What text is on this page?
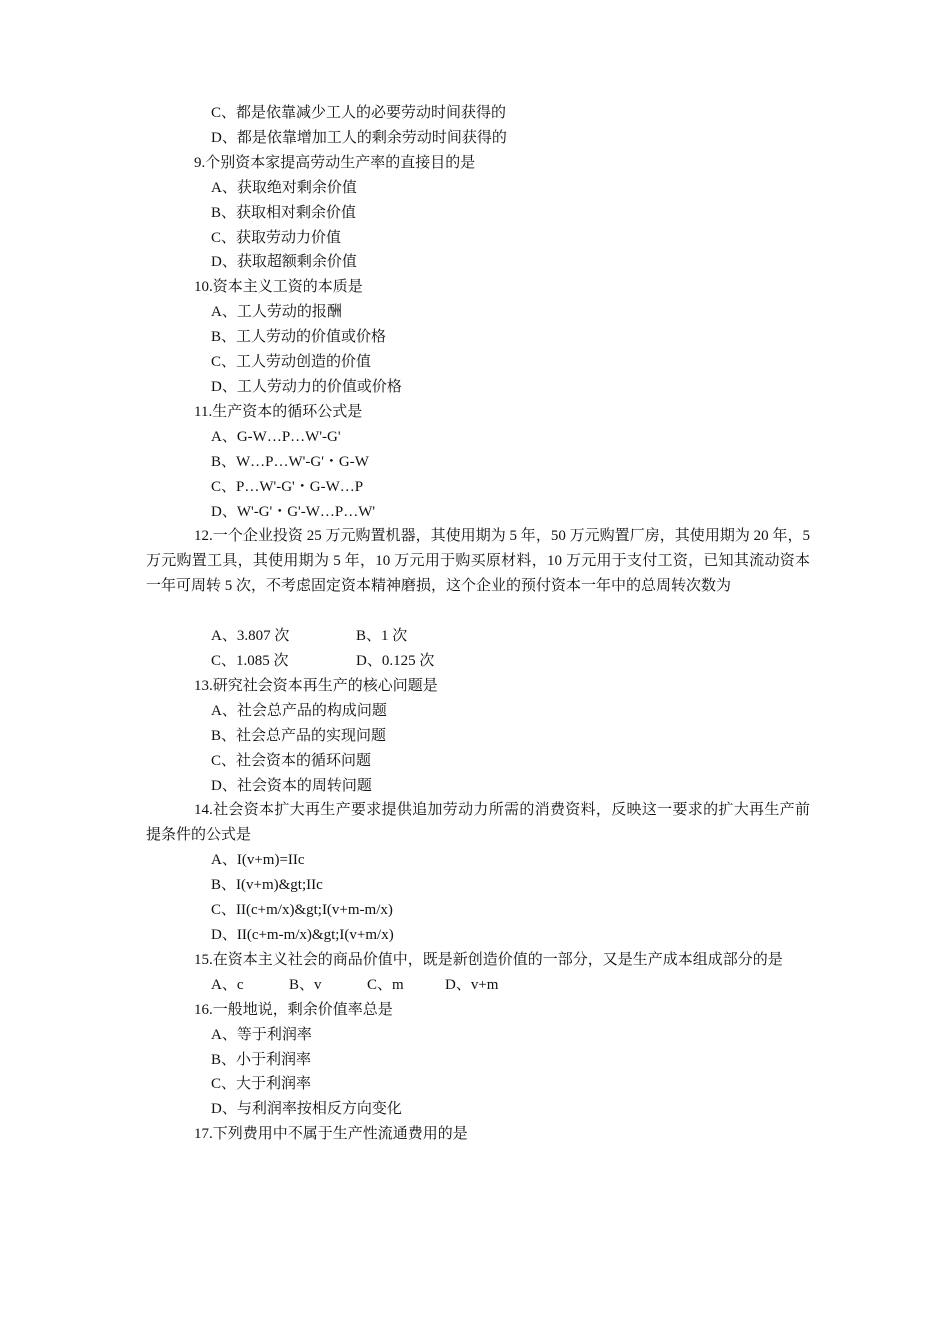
C、都是依靠减少工人的必要劳动时间获得的
D、都是依靠增加工人的剩余劳动时间获得的
9.个别资本家提高劳动生产率的直接目的是
A、获取绝对剩余价值
B、获取相对剩余价值
C、获取劳动力价值
D、获取超额剩余价值
10.资本主义工资的本质是
A、工人劳动的报酬
B、工人劳动的价值或价格
C、工人劳动创造的价值
D、工人劳动力的价值或价格
11.生产资本的循环公式是
A、G-W…P…W'-G'
B、W…P…W'-G'・G-W
C、P…W'-G'・G-W…P
D、W'-G'・G'-W…P…W'
12.一个企业投资 25 万元购置机器，其使用期为 5 年，50 万元购置厂房，其使用期为 20 年，5 万元购置工具，其使用期为 5 年，10 万元用于购买原材料，10 万元用于支付工资，已知其流动资本一年可周转 5 次，不考虑固定资本精神磨损，这个企业的预付资本一年中的总周转次数为
A、3.807 次	B、1 次
C、1.085 次	D、0.125 次
13.研究社会资本再生产的核心问题是
A、社会总产品的构成问题
B、社会总产品的实现问题
C、社会资本的循环问题
D、社会资本的周转问题
14.社会资本扩大再生产要求提供追加劳动力所需的消费资料，反映这一要求的扩大再生产前提条件的公式是
A、I(v+m)=IIc
B、I(v+m)&gt;IIc
C、II(c+m/x)&gt;I(v+m-m/x)
D、II(c+m-m/x)&gt;I(v+m/x)
15.在资本主义社会的商品价值中，既是新创造价值的一部分，又是生产成本组成部分的是
A、c	B、v	C、m	D、v+m
16.一般地说，剩余价值率总是
A、等于利润率
B、小于利润率
C、大于利润率
D、与利润率按相反方向变化
17.下列费用中不属于生产性流通费用的是
